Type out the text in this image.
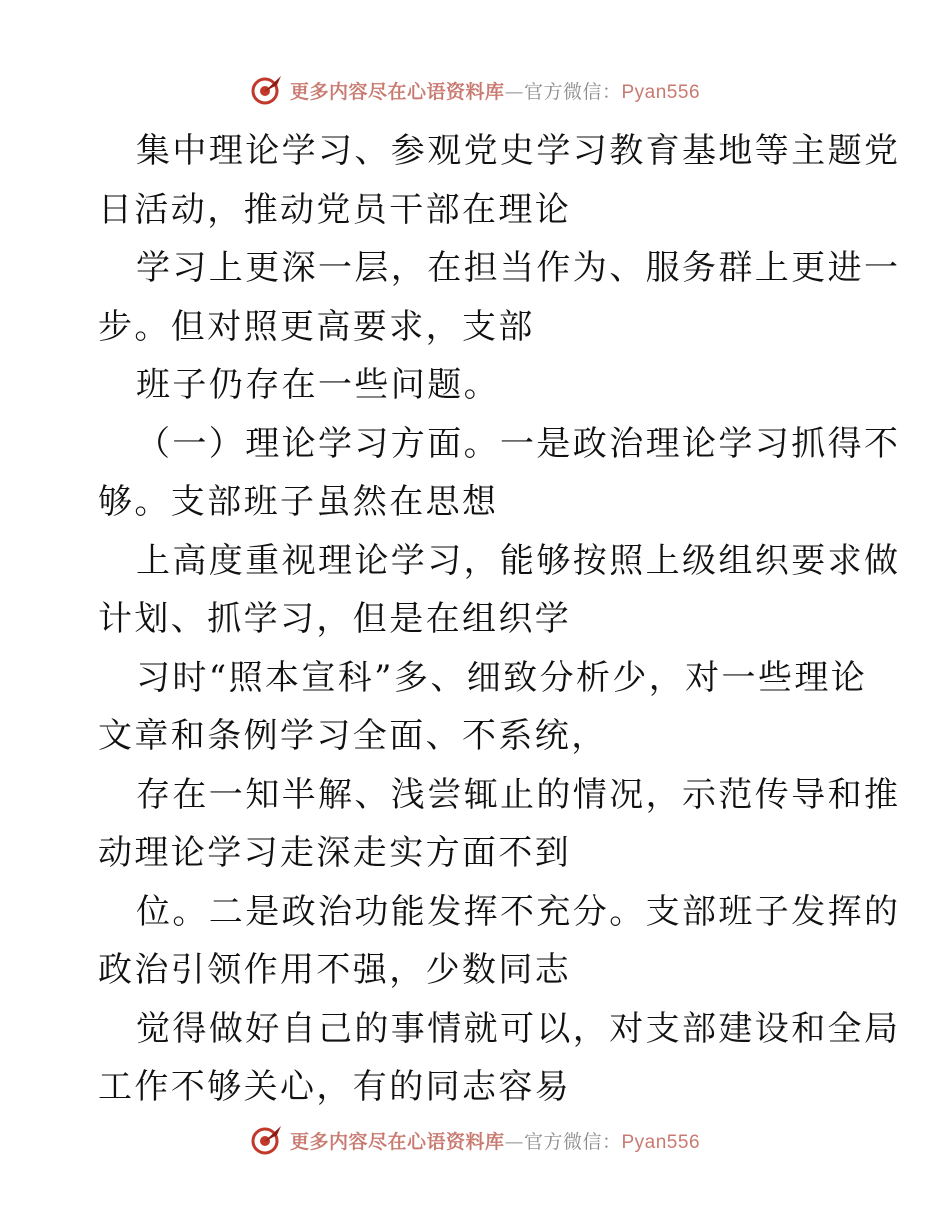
更多内容尽在心语资料库—官方微信：Pyan556
集中理论学习、参观党史学习教育基地等主题党
日活动，推动党员干部在理论
学习上更深一层，在担当作为、服务群上更进一
步。但对照更高要求，支部
班子仍存在一些问题。
（一）理论学习方面。一是政治理论学习抓得不
够。支部班子虽然在思想
上高度重视理论学习，能够按照上级组织要求做
计划、抓学习，但是在组织学
习时“照本宣科”多、细致分析少，对一些理论
文章和条例学习全面、不系统，
存在一知半解、浅尝辄止的情况，示范传导和推
动理论学习走深走实方面不到
位。二是政治功能发挥不充分。支部班子发挥的
政治引领作用不强，少数同志
觉得做好自己的事情就可以，对支部建设和全局
工作不够关心，有的同志容易
更多内容尽在心语资料库—官方微信：Pyan556
